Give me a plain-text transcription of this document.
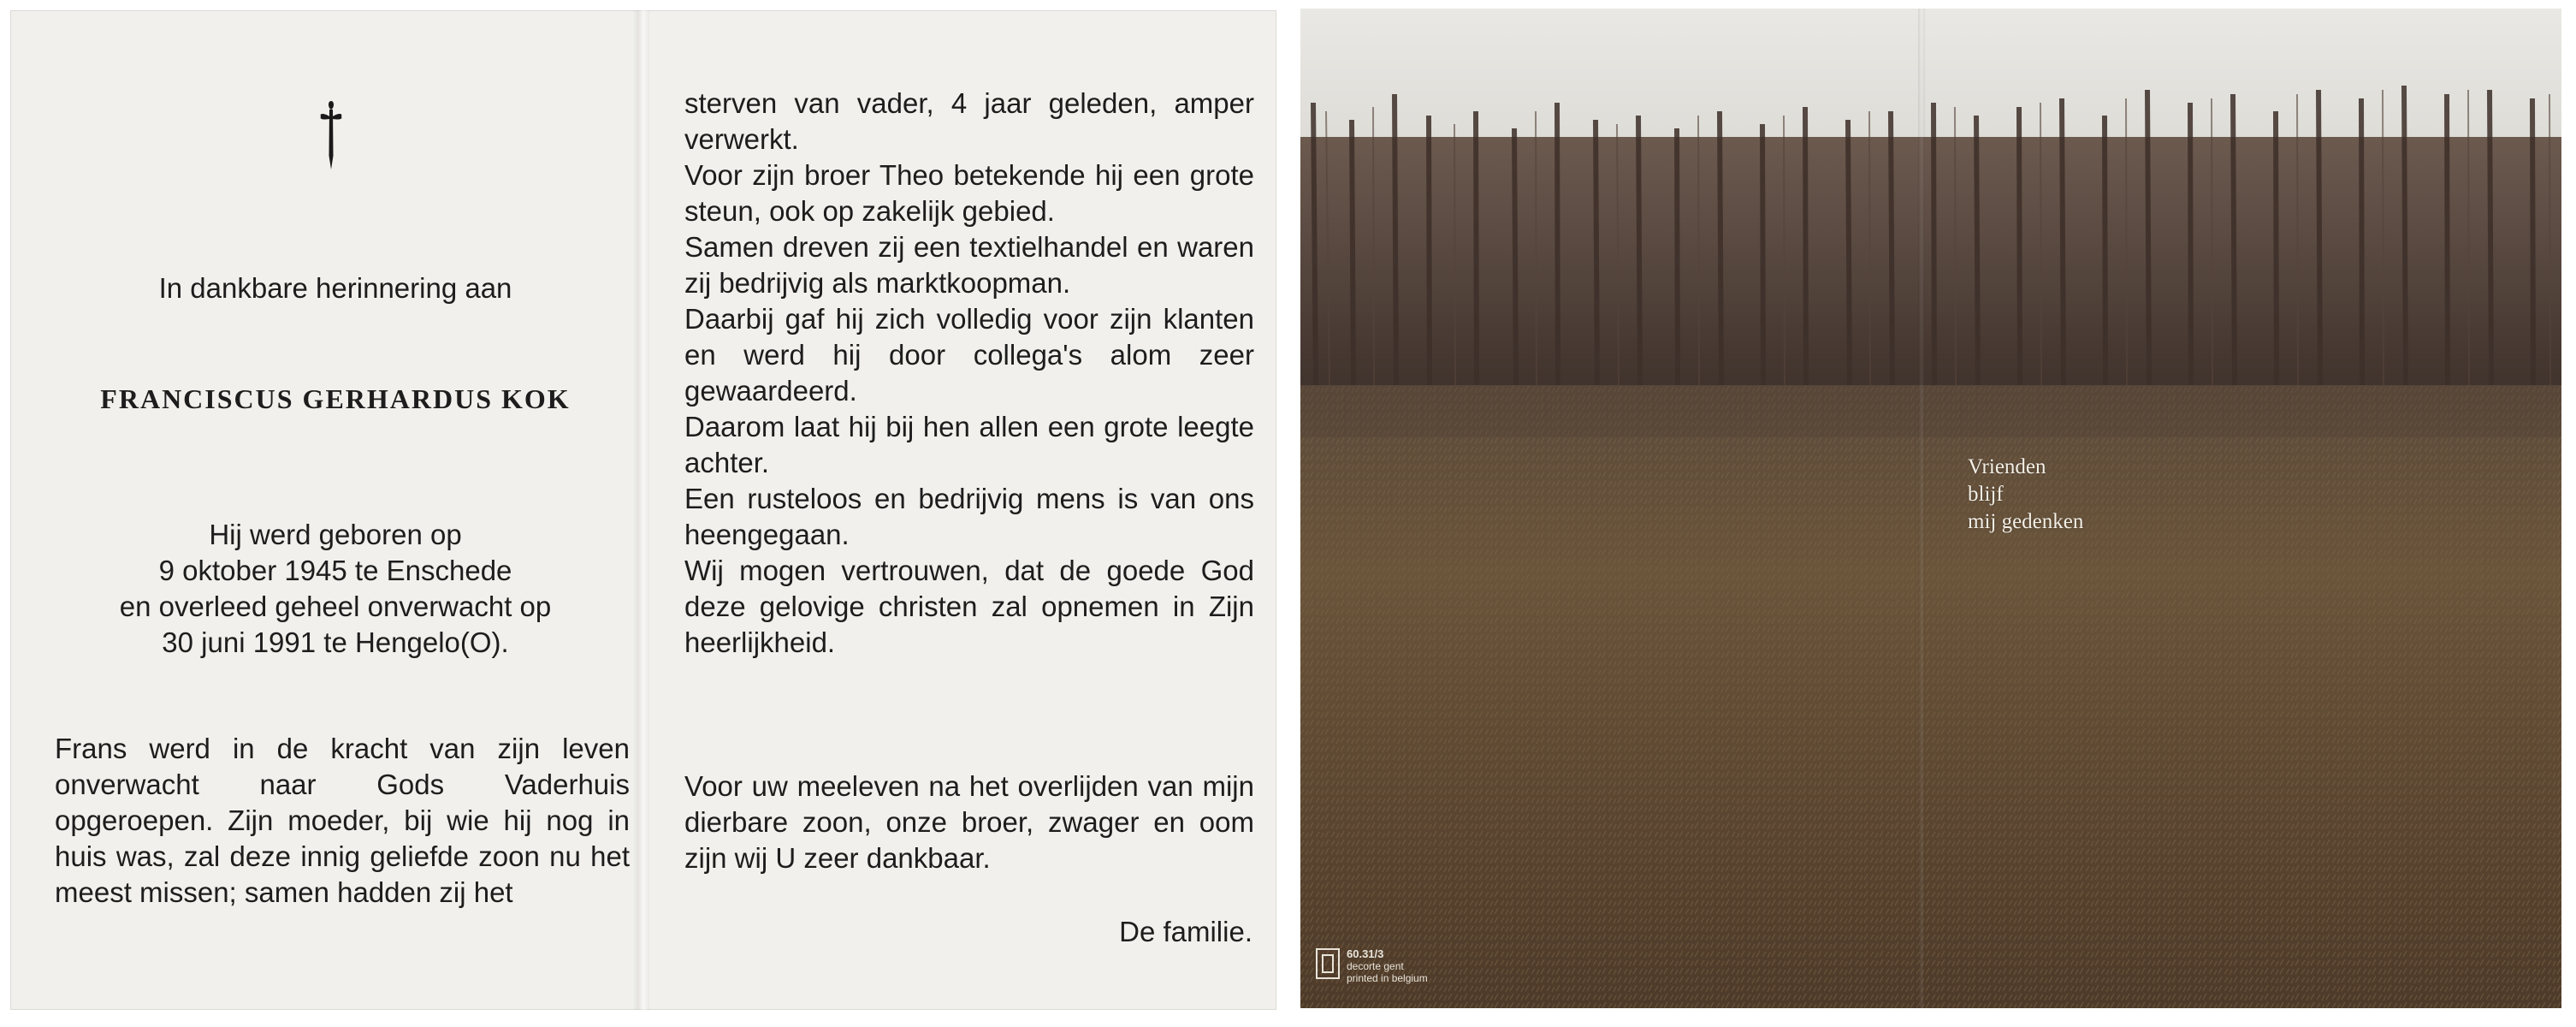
In dankbare herinnering aan
FRANCISCUS GERHARDUS KOK
Hij werd geboren op
9 oktober 1945 te Enschede
en overleed geheel onverwacht op
30 juni 1991 te Hengelo(O).
Frans werd in de kracht van zijn leven onverwacht naar Gods Vaderhuis opgeroepen. Zijn moeder, bij wie hij nog in huis was, zal deze innig geliefde zoon nu het meest missen; samen hadden zij het
sterven van vader, 4 jaar geleden, amper verwerkt.
Voor zijn broer Theo betekende hij een grote steun, ook op zakelijk gebied.
Samen dreven zij een textielhandel en waren zij bedrijvig als marktkoopman.
Daarbij gaf hij zich volledig voor zijn klanten en werd hij door collega's alom zeer gewaardeerd.
Daarom laat hij bij hen allen een grote leegte achter.
Een rusteloos en bedrijvig mens is van ons heengegaan.
Wij mogen vertrouwen, dat de goede God deze gelovige christen zal opnemen in Zijn heerlijkheid.
Voor uw meeleven na het overlijden van mijn dierbare zoon, onze broer, zwager en oom zijn wij U zeer dankbaar.
De familie.
Vrienden
blijf
mij gedenken
60.31/3
decorte gent
printed in belgium
